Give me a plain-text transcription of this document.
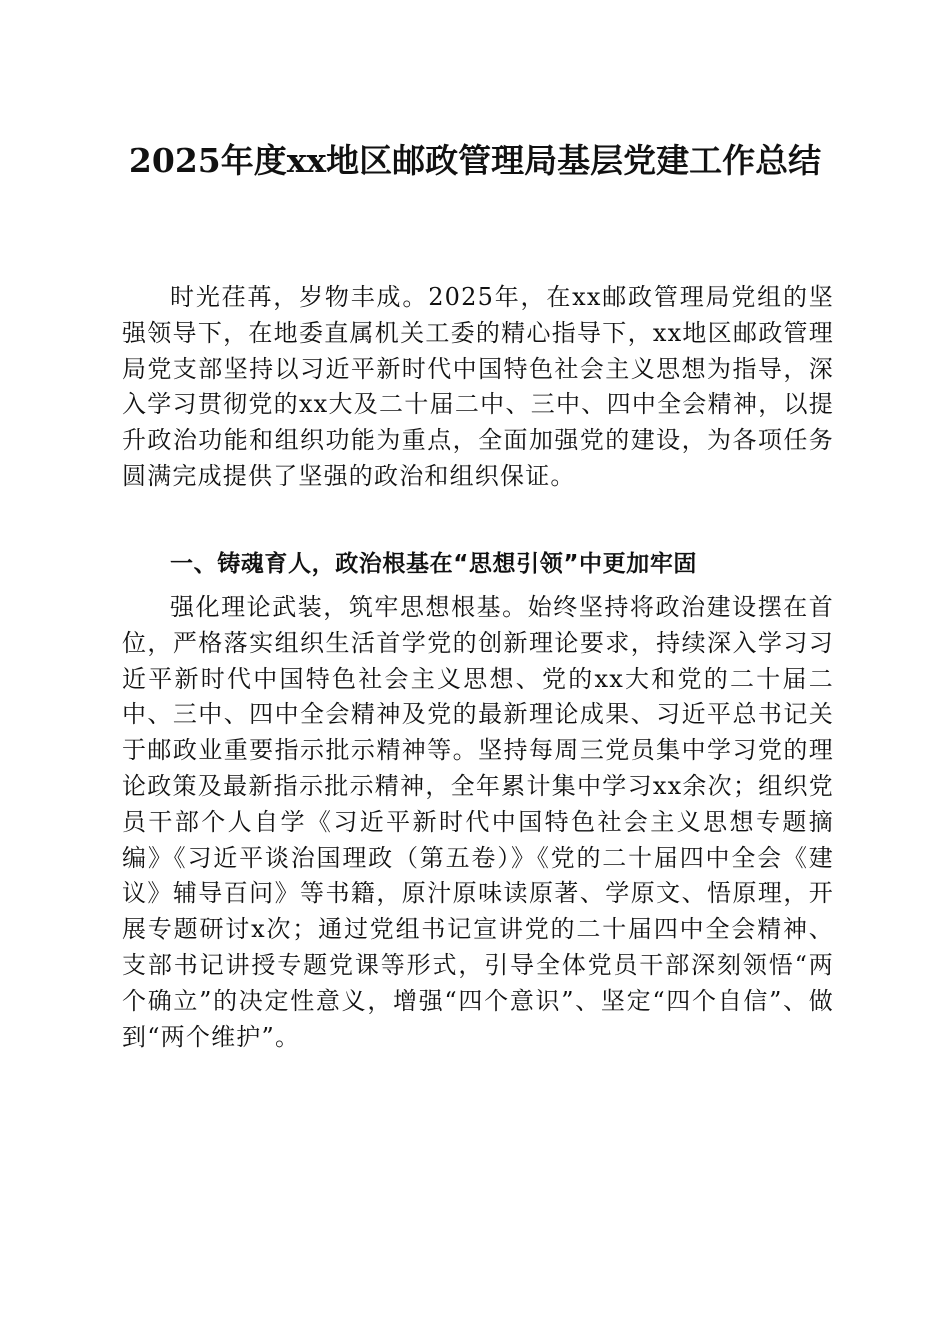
2025年度xx地区邮政管理局基层党建工作总结

时光荏苒，岁物丰成。2025年，在xx邮政管理局党组的坚强领导下，在地委直属机关工委的精心指导下，xx地区邮政管理局党支部坚持以习近平新时代中国特色社会主义思想为指导，深入学习贯彻党的xx大及二十届二中、三中、四中全会精神，以提升政治功能和组织功能为重点，全面加强党的建设，为各项任务圆满完成提供了坚强的政治和组织保证。

一、铸魂育人，政治根基在“思想引领”中更加牢固

强化理论武装，筑牢思想根基。始终坚持将政治建设摆在首位，严格落实组织生活首学党的创新理论要求，持续深入学习习近平新时代中国特色社会主义思想、党的xx大和党的二十届二中、三中、四中全会精神及党的最新理论成果、习近平总书记关于邮政业重要指示批示精神等。坚持每周三党员集中学习党的理论政策及最新指示批示精神，全年累计集中学习xx余次；组织党员干部个人自学《习近平新时代中国特色社会主义思想专题摘编》《习近平谈治国理政（第五卷）》《党的二十届四中全会《建议》辅导百问》等书籍，原汁原味读原著、学原文、悟原理，开展专题研讨x次；通过党组书记宣讲党的二十届四中全会精神、支部书记讲授专题党课等形式，引导全体党员干部深刻领悟“两个确立”的决定性意义，增强“四个意识”、坚定“四个自信”、做到“两个维护”。
